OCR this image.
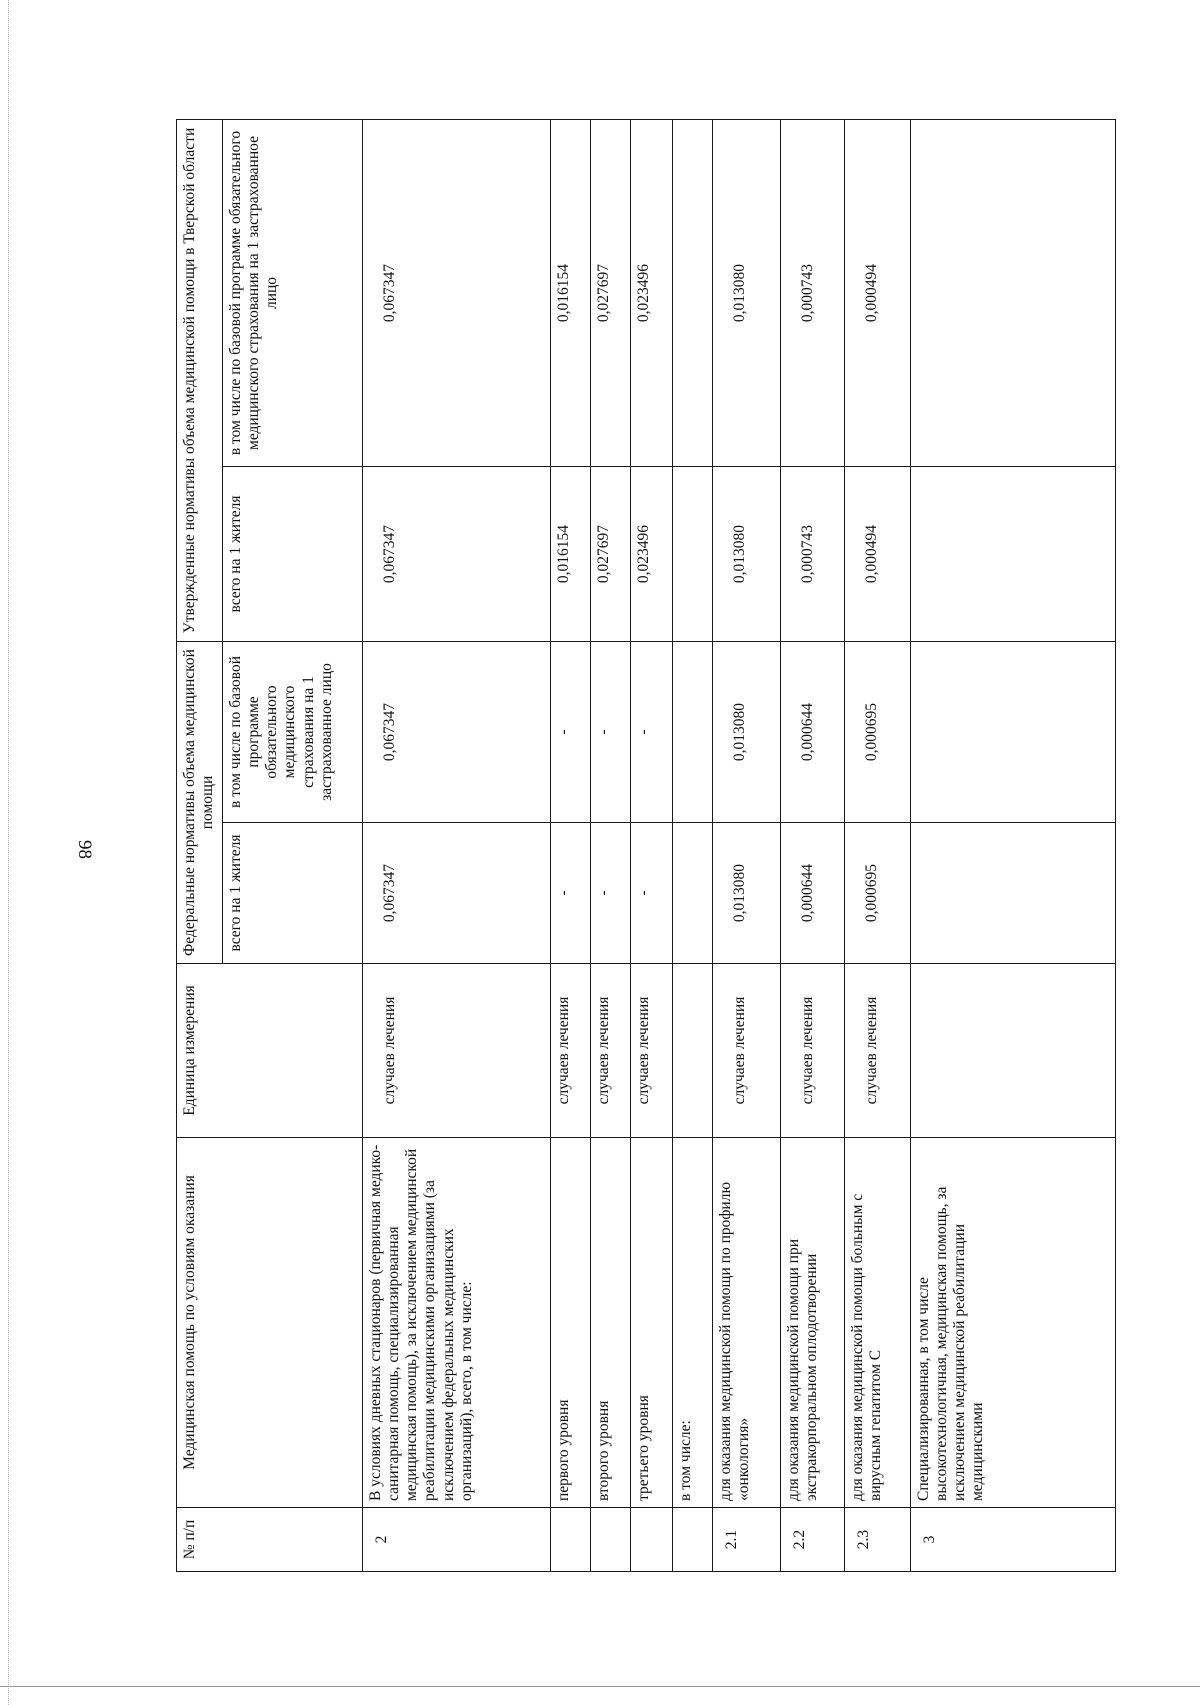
98
№ п/п	Медицинская помощь по условиям оказания	Единица измерения	Федеральные нормативы объема медицинской помощи		Утвержденные нормативы объема медицинской помощи в Тверской области	
			всего на 1 жителя	в том числе по базовой программе обязательного медицинского страхования на 1 застрахованное лицо	всего на 1 жителя	в том числе по базовой программе обязательного медицинского страхования на 1 застрахованное лицо
2	В условиях дневных стационаров (первичная медико-санитарная помощь, специализированная медицинская помощь), за исключением медицинской реабилитации медицинскими организациями (за исключением федеральных медицинских организаций), всего, в том числе:	случаев лечения	0,067347	0,067347	0,067347	0,067347
	первого уровня	случаев лечения	-	-	0,016154	0,016154
	второго уровня	случаев лечения	-	-	0,027697	0,027697
	третьего уровня	случаев лечения	-	-	0,023496	0,023496
	в том числе:					
2.1	для оказания медицинской помощи по профилю «онкология»	случаев лечения	0,013080	0,013080	0,013080	0,013080
2.2	для оказания медицинской помощи при экстракорпоральном оплодотворении	случаев лечения	0,000644	0,000644	0,000743	0,000743
2.3	для оказания медицинской помощи больным с вирусным гепатитом С	случаев лечения	0,000695	0,000695	0,000494	0,000494
3	Специализированная, в том числе высокотехнологичная, медицинская помощь, за исключением медицинской реабилитации медицинскими					
